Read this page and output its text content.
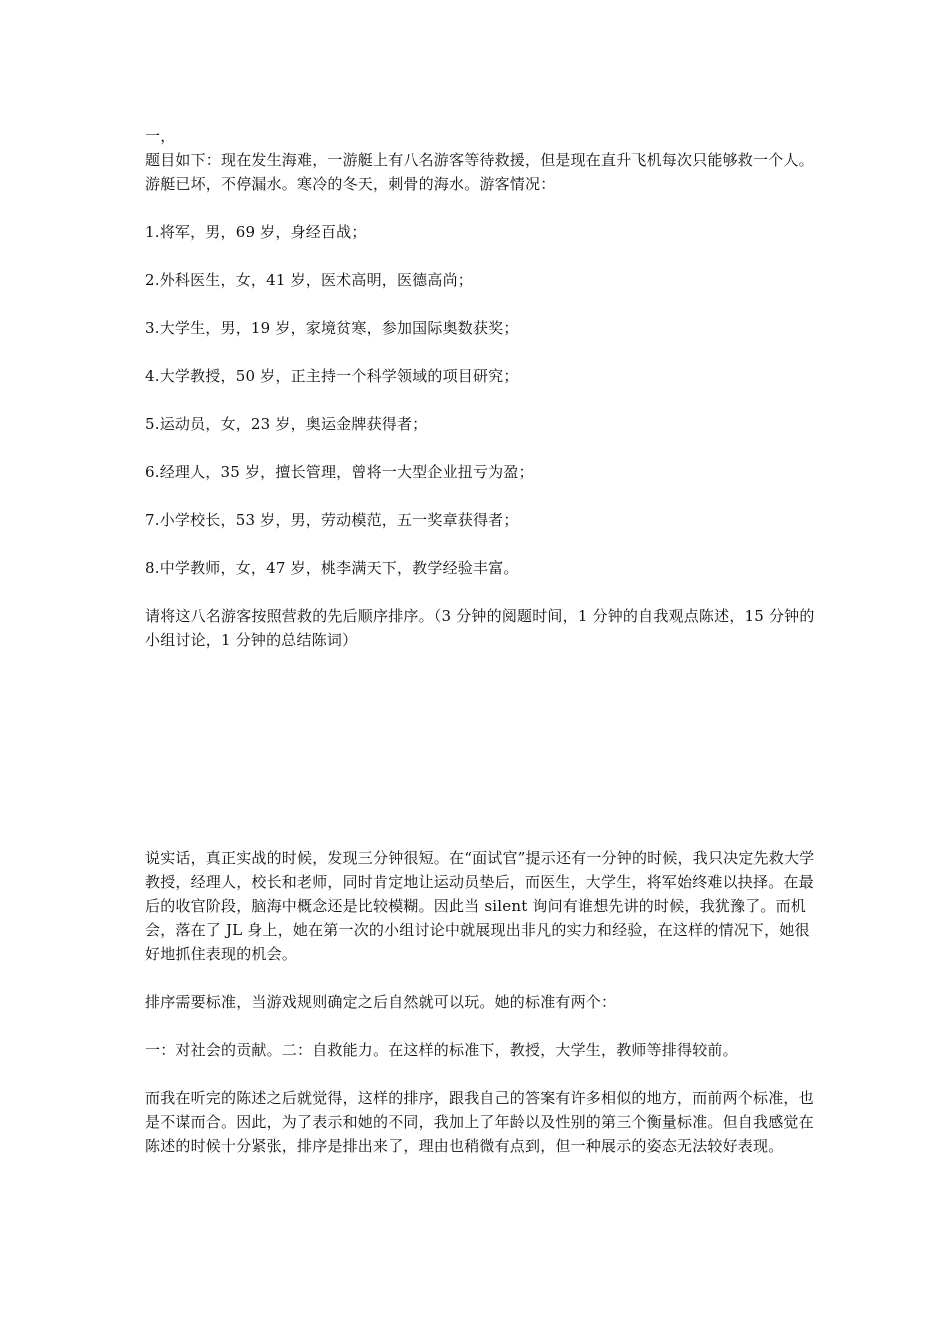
一，

题目如下：现在发生海难，一游艇上有八名游客等待救援，但是现在直升飞机每次只能够救一个人。游艇已坏，不停漏水。寒冷的冬天，刺骨的海水。游客情况：

1.将军，男，69 岁，身经百战；

2.外科医生，女，41 岁，医术高明，医德高尚；

3.大学生，男，19 岁，家境贫寒，参加国际奥数获奖；

4.大学教授，50 岁，正主持一个科学领域的项目研究；

5.运动员，女，23 岁，奥运金牌获得者；

6.经理人，35 岁，擅长管理，曾将一大型企业扭亏为盈；

7.小学校长，53 岁，男，劳动模范，五一奖章获得者；

8.中学教师，女，47 岁，桃李满天下，教学经验丰富。

请将这八名游客按照营救的先后顺序排序。（3 分钟的阅题时间，1 分钟的自我观点陈述，15 分钟的小组讨论，1 分钟的总结陈词）

说实话，真正实战的时候，发现三分钟很短。在“面试官”提示还有一分钟的时候，我只决定先救大学教授，经理人，校长和老师，同时肯定地让运动员垫后，而医生，大学生，将军始终难以抉择。在最后的收官阶段，脑海中概念还是比较模糊。因此当 silent 询问有谁想先讲的时候，我犹豫了。而机会，落在了 JL 身上，她在第一次的小组讨论中就展现出非凡的实力和经验，在这样的情况下，她很好地抓住表现的机会。

排序需要标准，当游戏规则确定之后自然就可以玩。她的标准有两个：

一：对社会的贡献。二：自救能力。在这样的标准下，教授，大学生，教师等排得较前。

而我在听完的陈述之后就觉得，这样的排序，跟我自己的答案有许多相似的地方，而前两个标准，也是不谋而合。因此，为了表示和她的不同，我加上了年龄以及性别的第三个衡量标准。但自我感觉在陈述的时候十分紧张，排序是排出来了，理由也稍微有点到，但一种展示的姿态无法较好表现。
